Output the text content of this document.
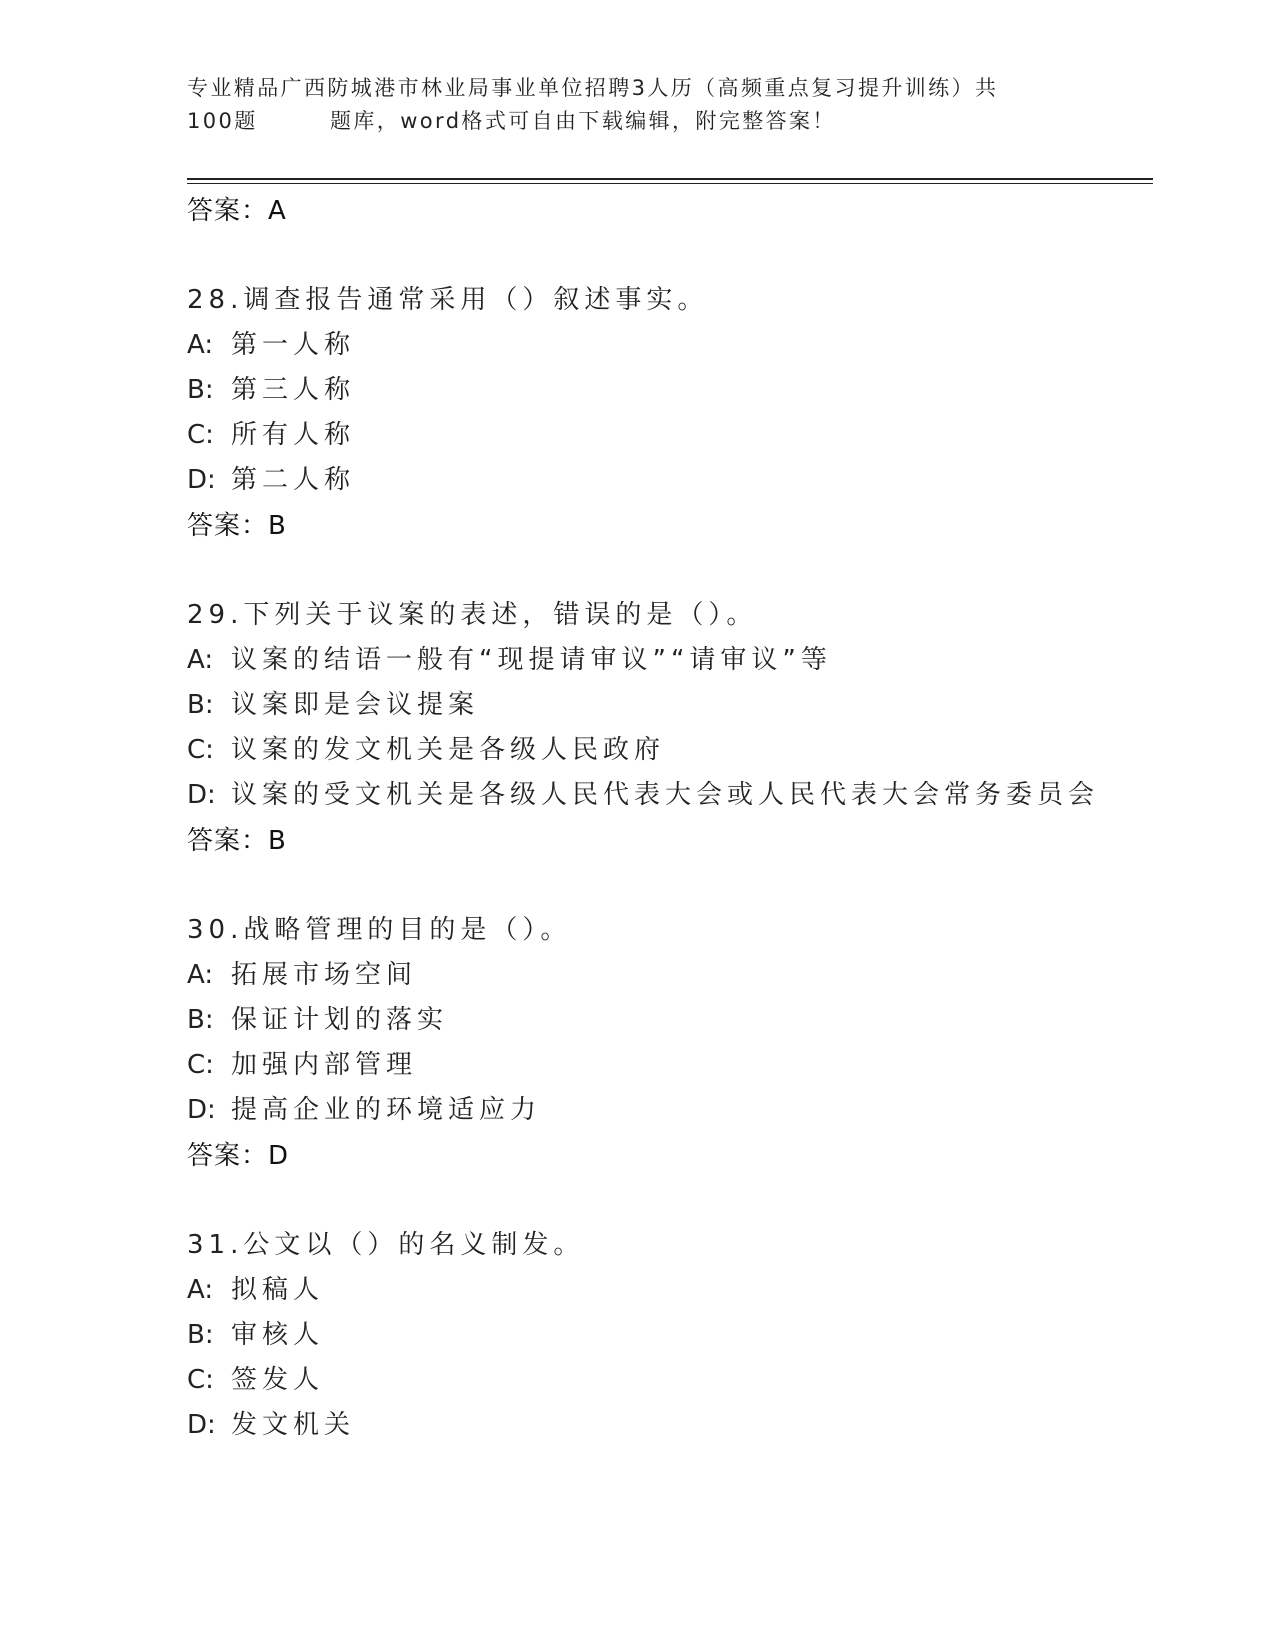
专业精品广西防城港市林业局事业单位招聘3人历（高频重点复习提升训练）共
100题	题库，word格式可自由下载编辑，附完整答案！
答案：A
28.调查报告通常采用（）叙述事实。
A: 第一人称
B: 第三人称
C: 所有人称
D: 第二人称
答案：B
29.下列关于议案的表述，错误的是（）。
A: 议案的结语一般有“现提请审议”“请审议”等
B: 议案即是会议提案
C: 议案的发文机关是各级人民政府
D: 议案的受文机关是各级人民代表大会或人民代表大会常务委员会
答案：B
30.战略管理的目的是（）。
A: 拓展市场空间
B: 保证计划的落实
C: 加强内部管理
D: 提高企业的环境适应力
答案：D
31.公文以（）的名义制发。
A: 拟稿人
B: 审核人
C: 签发人
D: 发文机关
